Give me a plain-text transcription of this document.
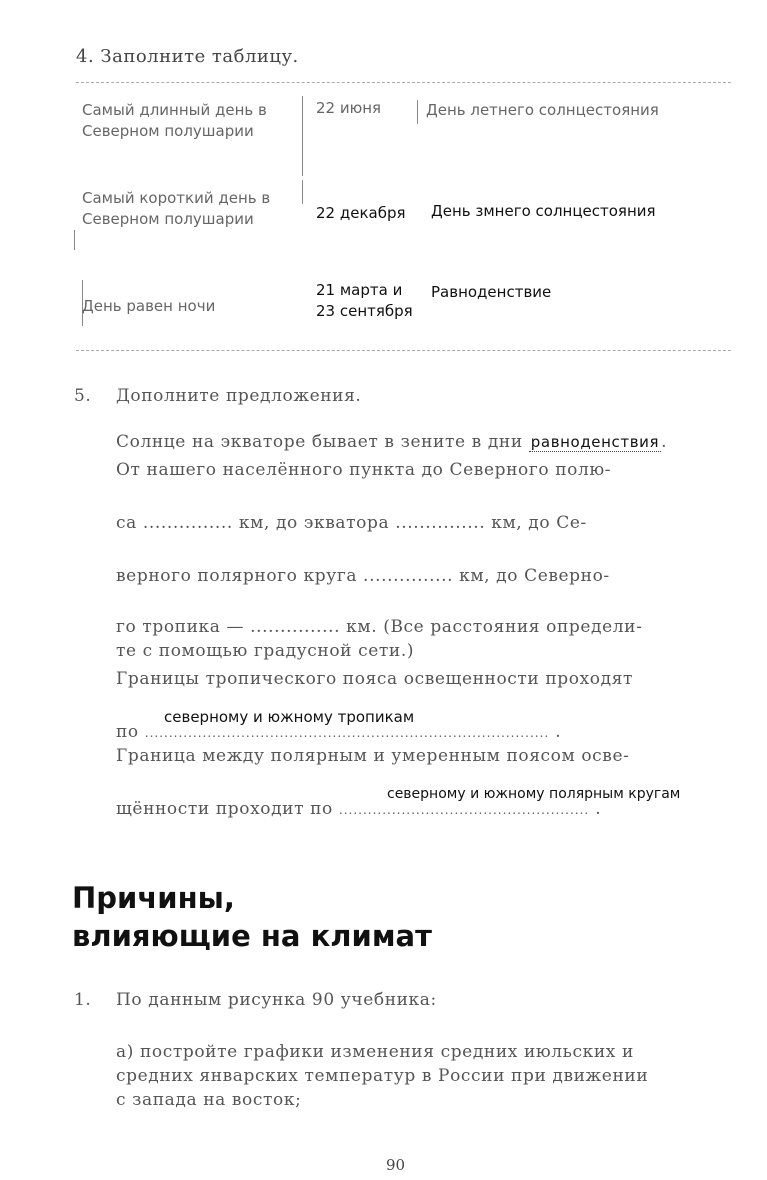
4. Заполните таблицу.
Самый длинный день в Северном полушарии
22 июня	День летнего солнцестояния
Самый короткий день в Северном полушарии	22 декабря День змнего солнцестояния
День равен ночи
21 марта и
23 сентября
Равноденствие
5. Дополните предложения.
Солнце на экваторе бывает в зените в дни равноденствия .
От нашего населённого пункта до Северного полю-
са ............... км, до экватора ............... км, до Се-
верного полярного круга ............... км, до Северно-
го тропика — ............... км. (Все расстояния определи-
те с помощью градусной сети.)
Границы тропического пояса освещенности проходят
северному и южному тропикам
по .................................................................................... .
Граница между полярным и умеренным поясом осве-
северному и южному полярным кругам
щённости проходит по .................................................... .
Причины,
влияющие на климат
1. По данным рисунка 90 учебника:
а) постройте графики изменения средних июльских и
средних январских температур в России при движении
с запада на восток;
90
